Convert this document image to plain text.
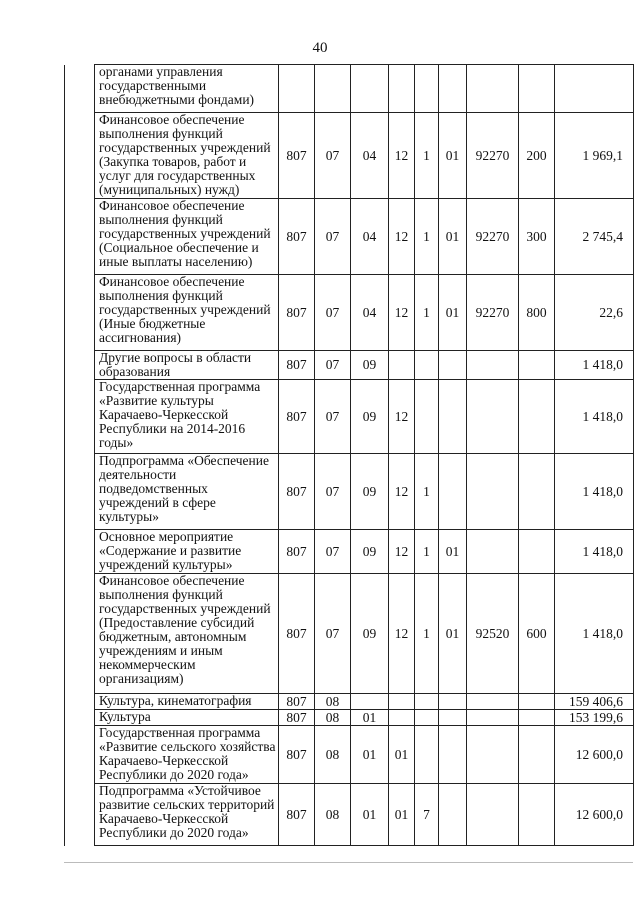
40
	органами управления государственными внебюджетными фондами)									
	Финансовое обеспечение выполнения функций государственных учреждений (Закупка товаров, работ и услуг для государственных (муниципальных) нужд)	807	07	04	12	1	01	92270	200	1 969,1
	Финансовое обеспечение выполнения функций государственных учреждений (Социальное обеспечение и иные выплаты населению)	807	07	04	12	1	01	92270	300	2 745,4
	Финансовое обеспечение выполнения функций государственных учреждений (Иные бюджетные ассигнования)	807	07	04	12	1	01	92270	800	22,6
	Другие вопросы в области образования	807	07	09						1 418,0
	Государственная программа «Развитие культуры Карачаево-Черкесской Республики на 2014-2016 годы»	807	07	09	12					1 418,0
	Подпрограмма «Обеспечение деятельности подведомственных учреждений в сфере культуры»	807	07	09	12	1				1 418,0
	Основное мероприятие «Содержание и развитие учреждений культуры»	807	07	09	12	1	01			1 418,0
	Финансовое обеспечение выполнения функций государственных учреждений (Предоставление субсидий бюджетным, автономным учреждениям и иным некоммерческим организациям)	807	07	09	12	1	01	92520	600	1 418,0
	Культура, кинематография	807	08							159 406,6
	Культура	807	08	01						153 199,6
	Государственная программа «Развитие сельского хозяйства Карачаево-Черкесской Республики до 2020 года»	807	08	01	01					12 600,0
	Подпрограмма «Устойчивое развитие сельских территорий Карачаево-Черкесской Республики до 2020 года»	807	08	01	01	7				12 600,0
